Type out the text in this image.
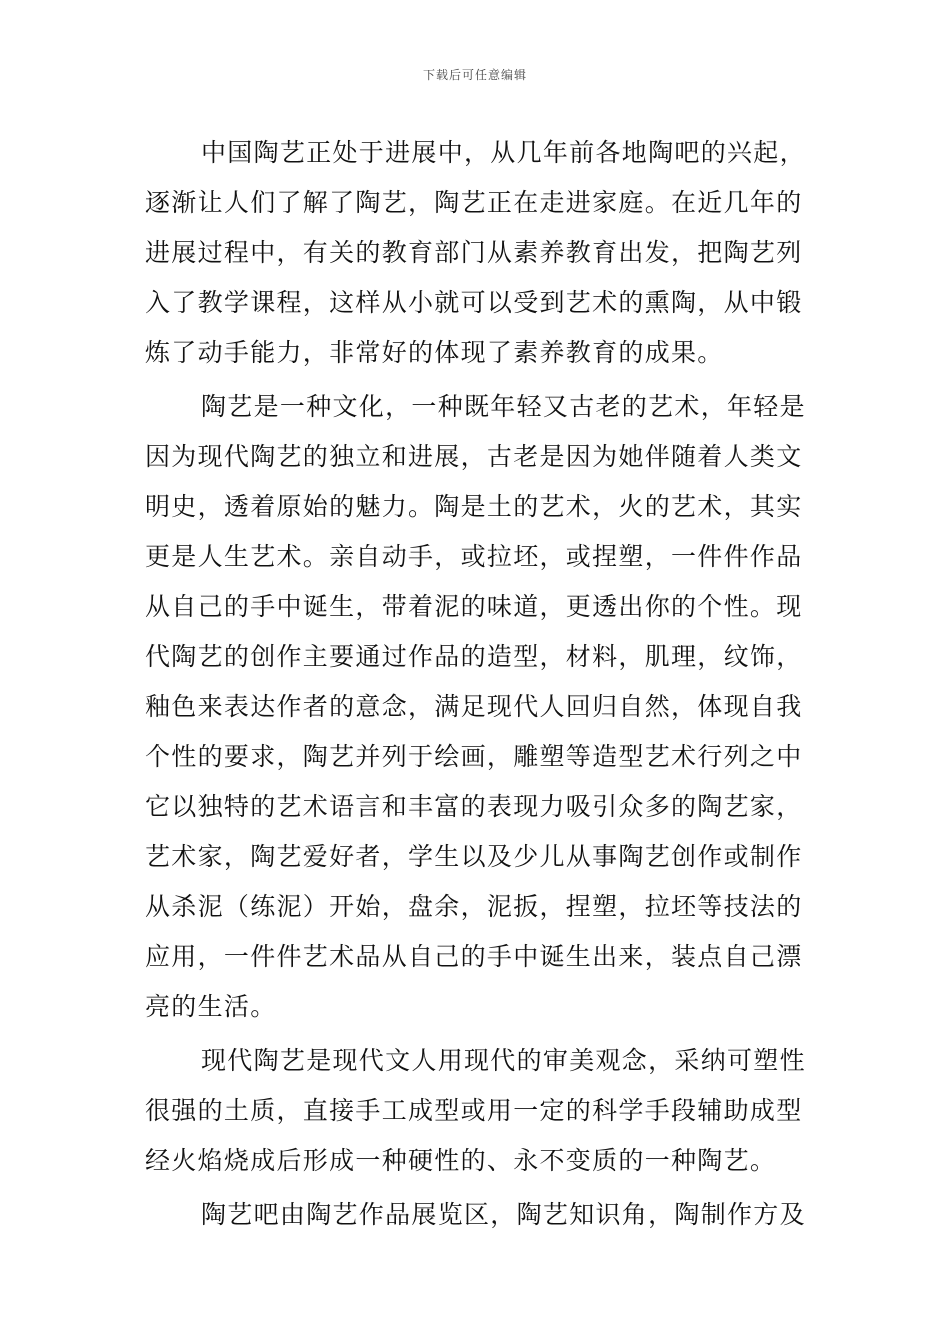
下载后可任意编辑
中国陶艺正处于进展中，从几年前各地陶吧的兴起，
逐渐让人们了解了陶艺，陶艺正在走进家庭。在近几年的
进展过程中，有关的教育部门从素养教育出发，把陶艺列
入了教学课程，这样从小就可以受到艺术的熏陶，从中锻
炼了动手能力，非常好的体现了素养教育的成果。
陶艺是一种文化，一种既年轻又古老的艺术，年轻是
因为现代陶艺的独立和进展，古老是因为她伴随着人类文
明史，透着原始的魅力。陶是土的艺术，火的艺术，其实
更是人生艺术。亲自动手，或拉坯，或捏塑，一件件作品
从自己的手中诞生，带着泥的味道，更透出你的个性。现
代陶艺的创作主要通过作品的造型，材料，肌理，纹饰，
釉色来表达作者的意念，满足现代人回归自然，体现自我
个性的要求，陶艺并列于绘画，雕塑等造型艺术行列之中
它以独特的艺术语言和丰富的表现力吸引众多的陶艺家，
艺术家，陶艺爱好者，学生以及少儿从事陶艺创作或制作
从杀泥（练泥）开始，盘余，泥扳，捏塑，拉坯等技法的
应用，一件件艺术品从自己的手中诞生出来，装点自己漂
亮的生活。
现代陶艺是现代文人用现代的审美观念，采纳可塑性
很强的土质，直接手工成型或用一定的科学手段辅助成型
经火焰烧成后形成一种硬性的、永不变质的一种陶艺。
陶艺吧由陶艺作品展览区，陶艺知识角，陶制作方及
